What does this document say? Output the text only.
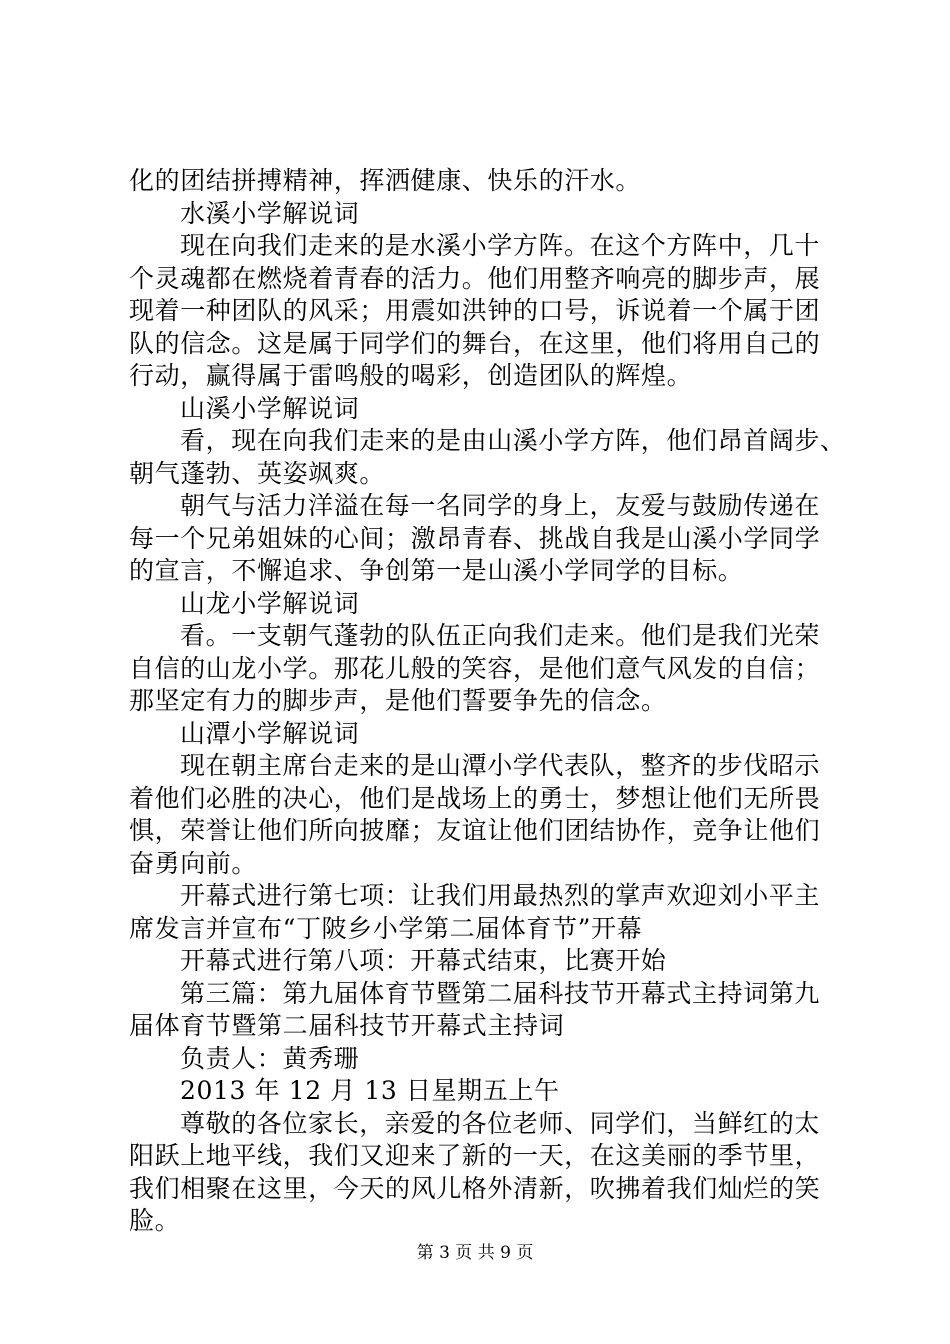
化的团结拼搏精神，挥洒健康、快乐的汗水。

水溪小学解说词

现在向我们走来的是水溪小学方阵。在这个方阵中，几十

个灵魂都在燃烧着青春的活力。他们用整齐响亮的脚步声，展

现着一种团队的风采；用震如洪钟的口号，诉说着一个属于团

队的信念。这是属于同学们的舞台，在这里，他们将用自己的

行动，赢得属于雷鸣般的喝彩，创造团队的辉煌。

山溪小学解说词

看，现在向我们走来的是由山溪小学方阵，他们昂首阔步、

朝气蓬勃、英姿飒爽。

朝气与活力洋溢在每一名同学的身上，友爱与鼓励传递在

每一个兄弟姐妹的心间；激昂青春、挑战自我是山溪小学同学

的宣言，不懈追求、争创第一是山溪小学同学的目标。

山龙小学解说词

看。一支朝气蓬勃的队伍正向我们走来。他们是我们光荣

自信的山龙小学。那花儿般的笑容，是他们意气风发的自信；

那坚定有力的脚步声，是他们誓要争先的信念。

山潭小学解说词

现在朝主席台走来的是山潭小学代表队，整齐的步伐昭示

着他们必胜的决心，他们是战场上的勇士，梦想让他们无所畏

惧，荣誉让他们所向披靡；友谊让他们团结协作，竞争让他们

奋勇向前。

开幕式进行第七项：让我们用最热烈的掌声欢迎刘小平主

席发言并宣布“丁陂乡小学第二届体育节”开幕

开幕式进行第八项：开幕式结束，比赛开始

第三篇：第九届体育节暨第二届科技节开幕式主持词第九

届体育节暨第二届科技节开幕式主持词

负责人：黄秀珊

2013 年 12 月 13 日星期五上午

尊敬的各位家长，亲爱的各位老师、同学们，当鲜红的太

阳跃上地平线，我们又迎来了新的一天，在这美丽的季节里，

我们相聚在这里，今天的风儿格外清新，吹拂着我们灿烂的笑

脸。

第 3 页 共 9 页
